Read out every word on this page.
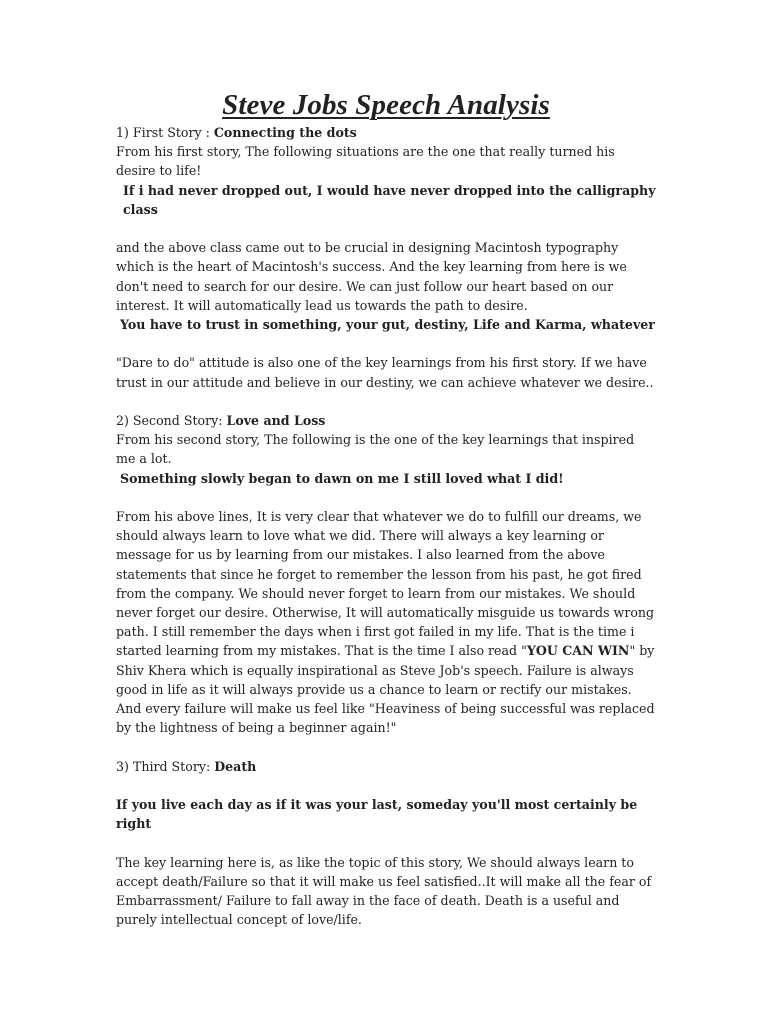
Steve Jobs Speech Analysis

1) First Story : Connecting the dots

From his first story, The following situations are the one that really turned his desire to life!

If i had never dropped out, I would have never dropped into the calligraphy class

and the above class came out to be crucial in designing Macintosh typography which is the heart of Macintosh's success. And the key learning from here is we don't need to search for our desire. We can just follow our heart based on our interest. It will automatically lead us towards the path to desire.

You have to trust in something, your gut, destiny, Life and Karma, whatever

"Dare to do" attitude is also one of the key learnings from his first story. If we have trust in our attitude and believe in our destiny, we can achieve whatever we desire..

2) Second Story: Love and Loss

From his second story, The following is the one of the key learnings that inspired me a lot.

Something slowly began to dawn on me I still loved what I did!

From his above lines, It is very clear that whatever we do to fulfill our dreams, we should always learn to love what we did. There will always a key learning or message for us by learning from our mistakes. I also learned from the above statements that since he forget to remember the lesson from his past, he got fired from the company. We should never forget to learn from our mistakes. We should never forget our desire. Otherwise, It will automatically misguide us towards wrong path. I still remember the days when i first got failed in my life. That is the time i started learning from my mistakes. That is the time I also read "YOU CAN WIN" by Shiv Khera which is equally inspirational as Steve Job's speech. Failure is always good in life as it will always provide us a chance to learn or rectify our mistakes. And every failure will make us feel like "Heaviness of being successful was replaced by the lightness of being a beginner again!"

3) Third Story: Death

If you live each day as if it was your last, someday you'll most certainly be right

The key learning here is, as like the topic of this story, We should always learn to accept death/Failure so that it will make us feel satisfied..It will make all the fear of Embarrassment/ Failure to fall away in the face of death. Death is a useful and purely intellectual concept of love/life.
